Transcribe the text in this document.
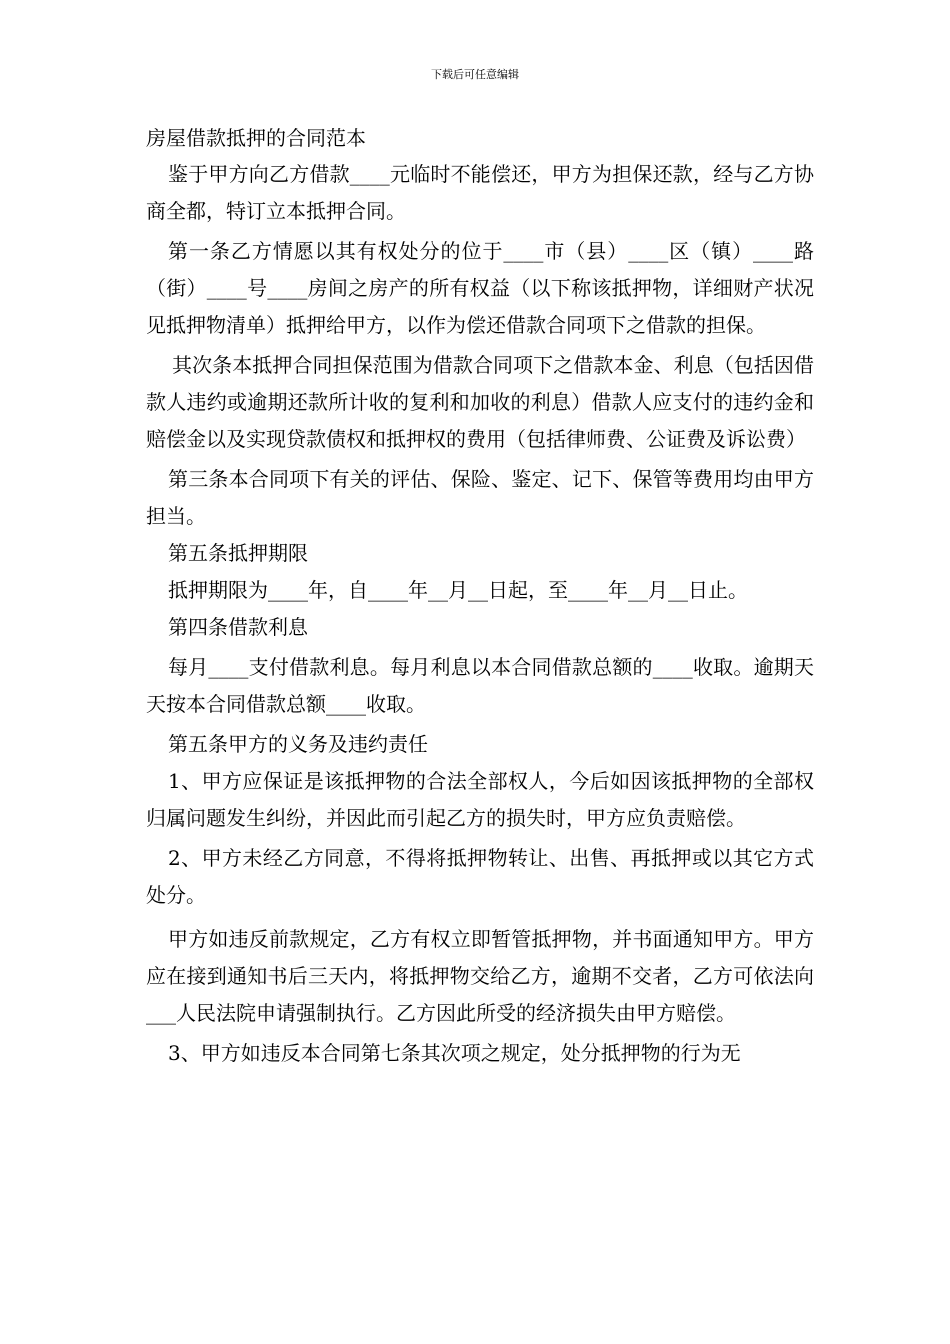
下载后可任意编辑
房屋借款抵押的合同范本

鉴于甲方向乙方借款____元临时不能偿还，甲方为担保还款，经与乙方协商全都，特订立本抵押合同。

第一条乙方情愿以其有权处分的位于____市（县）____区（镇）____路（街）____号____房间之房产的所有权益（以下称该抵押物，详细财产状况见抵押物清单）抵押给甲方，以作为偿还借款合同项下之借款的担保。

其次条本抵押合同担保范围为借款合同项下之借款本金、利息（包括因借款人违约或逾期还款所计收的复利和加收的利息）借款人应支付的违约金和赔偿金以及实现贷款债权和抵押权的费用（包括律师费、公证费及诉讼费）

第三条本合同项下有关的评估、保险、鉴定、记下、保管等费用均由甲方担当。

第五条抵押期限

抵押期限为____年，自____年__月__日起，至____年__月__日止。

第四条借款利息

每月____支付借款利息。每月利息以本合同借款总额的____收取。逾期天天按本合同借款总额____收取。

第五条甲方的义务及违约责任

1、甲方应保证是该抵押物的合法全部权人，今后如因该抵押物的全部权归属问题发生纠纷，并因此而引起乙方的损失时，甲方应负责赔偿。

2、甲方未经乙方同意，不得将抵押物转让、出售、再抵押或以其它方式处分。

甲方如违反前款规定，乙方有权立即暂管抵押物，并书面通知甲方。甲方应在接到通知书后三天内，将抵押物交给乙方，逾期不交者，乙方可依法向___人民法院申请强制执行。乙方因此所受的经济损失由甲方赔偿。

3、甲方如违反本合同第七条其次项之规定，处分抵押物的行为无
